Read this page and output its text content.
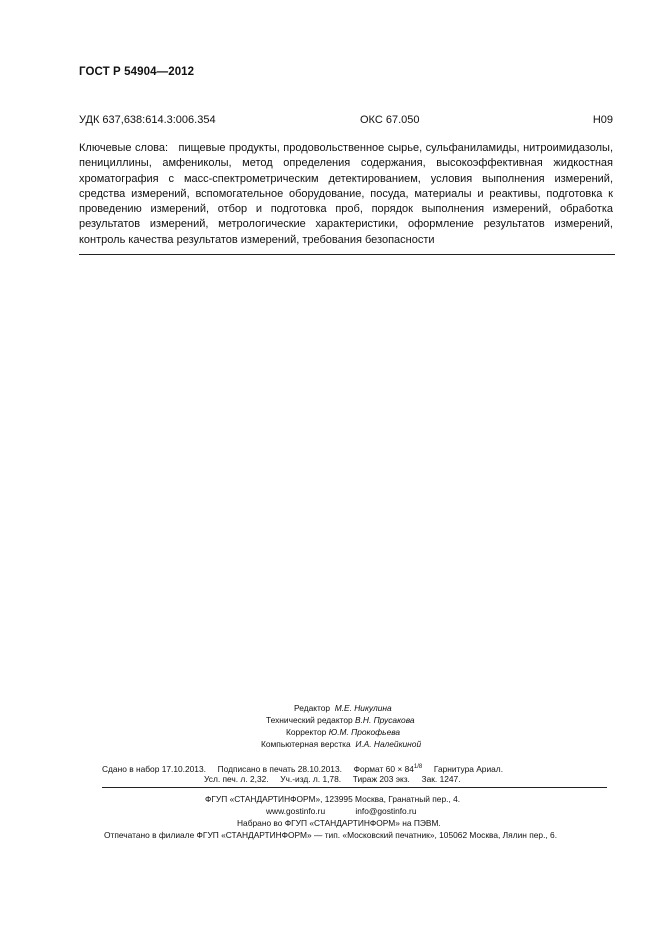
ГОСТ Р 54904—2012
УДК 637,638:614.3:006.354	ОКС 67.050	Н09
Ключевые слова: пищевые продукты, продовольственное сырье, сульфаниламиды, нитроимидазолы, пенициллины, амфениколы, метод определения содержания, высокоэффективная жидкостная хроматография с масс-спектрометрическим детектированием, условия выполнения измерений, средства измерений, вспомогательное оборудование, посуда, материалы и реактивы, подготовка к проведению измерений, отбор и подготовка проб, порядок выполнения измерений, обработка результатов измерений, метрологические характеристики, оформление результатов измерений, контроль качества результатов измерений, требования безопасности
Редактор М.Е. Никулина
Технический редактор В.Н. Прусакова
Корректор Ю.М. Прокофьева
Компьютерная верстка И.А. Налейкиной
Сдано в набор 17.10.2013. Подписано в печать 28.10.2013. Формат $60 \times 84^{1/8}$ Гарнитура Ариал.
Усл. печ. л. 2,32. Уч.-изд. л. 1,78. Тираж 203 экз. Зак. 1247.
ФГУП «СТАНДАРТИНФОРМ», 123995 Москва, Гранатный пер., 4.
www.gostinfo.ru	info@gostinfo.ru
Набрано во ФГУП «СТАНДАРТИНФОРМ» на ПЭВМ.
Отпечатано в филиале ФГУП «СТАНДАРТИНФОРМ» — тип. «Московский печатник», 105062 Москва, Лялин пер., 6.
